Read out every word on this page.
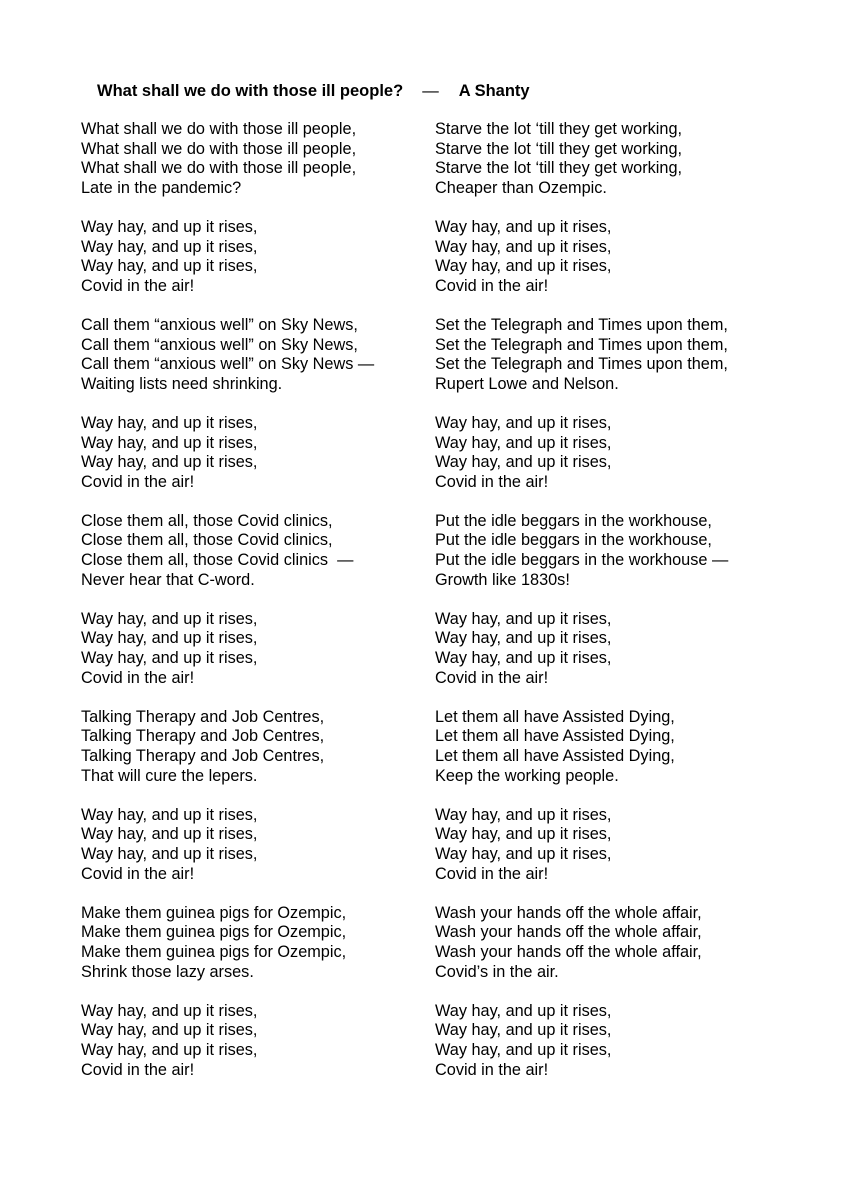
What shall we do with those ill people? — A Shanty
What shall we do with those ill people,
What shall we do with those ill people,
What shall we do with those ill people,
Late in the pandemic?
Way hay, and up it rises,
Way hay, and up it rises,
Way hay, and up it rises,
Covid in the air!
Call them “anxious well” on Sky News,
Call them “anxious well” on Sky News,
Call them “anxious well” on Sky News —
Waiting lists need shrinking.
Way hay, and up it rises,
Way hay, and up it rises,
Way hay, and up it rises,
Covid in the air!
Close them all, those Covid clinics,
Close them all, those Covid clinics,
Close them all, those Covid clinics  —
Never hear that C-word.
Way hay, and up it rises,
Way hay, and up it rises,
Way hay, and up it rises,
Covid in the air!
Talking Therapy and Job Centres,
Talking Therapy and Job Centres,
Talking Therapy and Job Centres,
That will cure the lepers.
Way hay, and up it rises,
Way hay, and up it rises,
Way hay, and up it rises,
Covid in the air!
Make them guinea pigs for Ozempic,
Make them guinea pigs for Ozempic,
Make them guinea pigs for Ozempic,
Shrink those lazy arses.
Way hay, and up it rises,
Way hay, and up it rises,
Way hay, and up it rises,
Covid in the air!
Starve the lot ‘till they get working,
Starve the lot ‘till they get working,
Starve the lot ‘till they get working,
Cheaper than Ozempic.
Way hay, and up it rises,
Way hay, and up it rises,
Way hay, and up it rises,
Covid in the air!
Set the Telegraph and Times upon them,
Set the Telegraph and Times upon them,
Set the Telegraph and Times upon them,
Rupert Lowe and Nelson.
Way hay, and up it rises,
Way hay, and up it rises,
Way hay, and up it rises,
Covid in the air!
Put the idle beggars in the workhouse,
Put the idle beggars in the workhouse,
Put the idle beggars in the workhouse —
Growth like 1830s!
Way hay, and up it rises,
Way hay, and up it rises,
Way hay, and up it rises,
Covid in the air!
Let them all have Assisted Dying,
Let them all have Assisted Dying,
Let them all have Assisted Dying,
Keep the working people.
Way hay, and up it rises,
Way hay, and up it rises,
Way hay, and up it rises,
Covid in the air!
Wash your hands off the whole affair,
Wash your hands off the whole affair,
Wash your hands off the whole affair,
Covid’s in the air.
Way hay, and up it rises,
Way hay, and up it rises,
Way hay, and up it rises,
Covid in the air!
